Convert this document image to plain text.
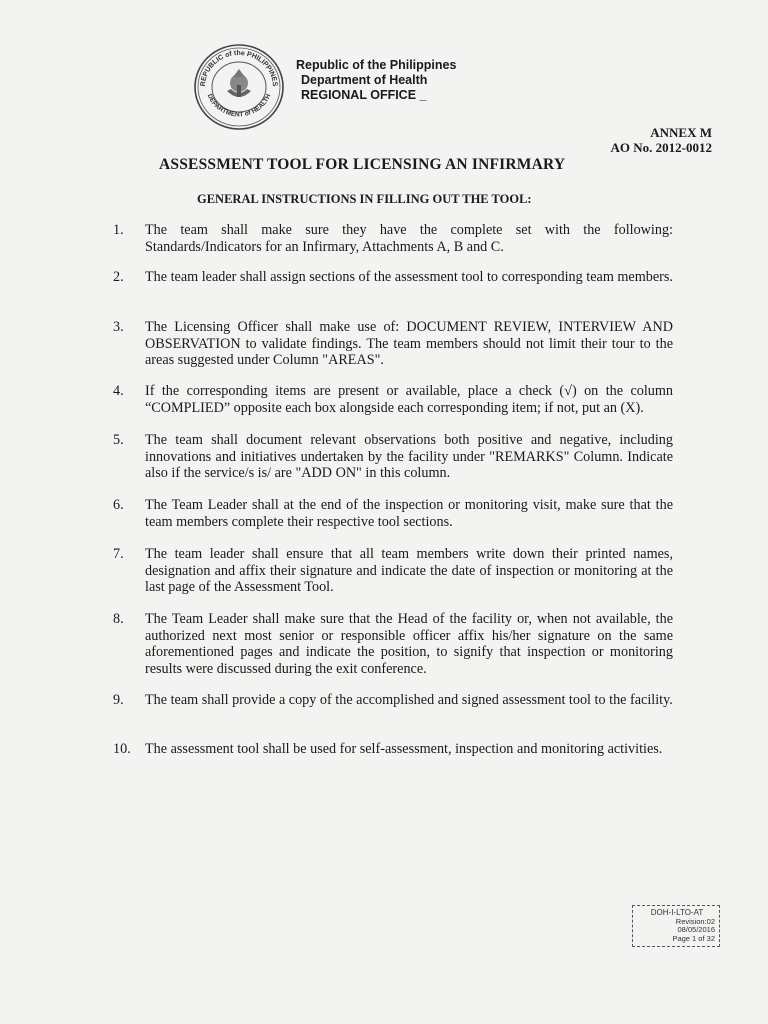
REPUBLIC of the PHILIPPINES
DEPARTMENT of HEALTH
Republic of the Philippines
Department of Health
REGIONAL OFFICE _
ANNEX M
AO No. 2012-0012
ASSESSMENT TOOL FOR LICENSING AN INFIRMARY
GENERAL INSTRUCTIONS IN FILLING OUT THE TOOL:
1.	The team shall make sure they have the complete set with the following: Standards/Indicators for an Infirmary, Attachments A, B and C.
2.	The team leader shall assign sections of the assessment tool to corresponding team members.
3.	The Licensing Officer shall make use of: DOCUMENT REVIEW, INTERVIEW AND OBSERVATION to validate findings. The team members should not limit their tour to the areas suggested under Column "AREAS".
4.	If the corresponding items are present or available, place a check (√) on the column “COMPLIED” opposite each box alongside each corresponding item; if not, put an (X).
5.	The team shall document relevant observations both positive and negative, including innovations and initiatives undertaken by the facility under "REMARKS" Column. Indicate also if the service/s is/ are "ADD ON" in this column.
6.	The Team Leader shall at the end of the inspection or monitoring visit, make sure that the team members complete their respective tool sections.
7.	The team leader shall ensure that all team members write down their printed names, designation and affix their signature and indicate the date of inspection or monitoring at the last page of the Assessment Tool.
8.	The Team Leader shall make sure that the Head of the facility or, when not available, the authorized next most senior or responsible officer affix his/her signature on the same aforementioned pages and indicate the position, to signify that inspection or monitoring results were discussed during the exit conference.
9.	The team shall provide a copy of the accomplished and signed assessment tool to the facility.
10.	The assessment tool shall be used for self-assessment, inspection and monitoring activities.
DOH-I-LTO-AT
Revision:02
08/05/2016
Page 1 of 32
